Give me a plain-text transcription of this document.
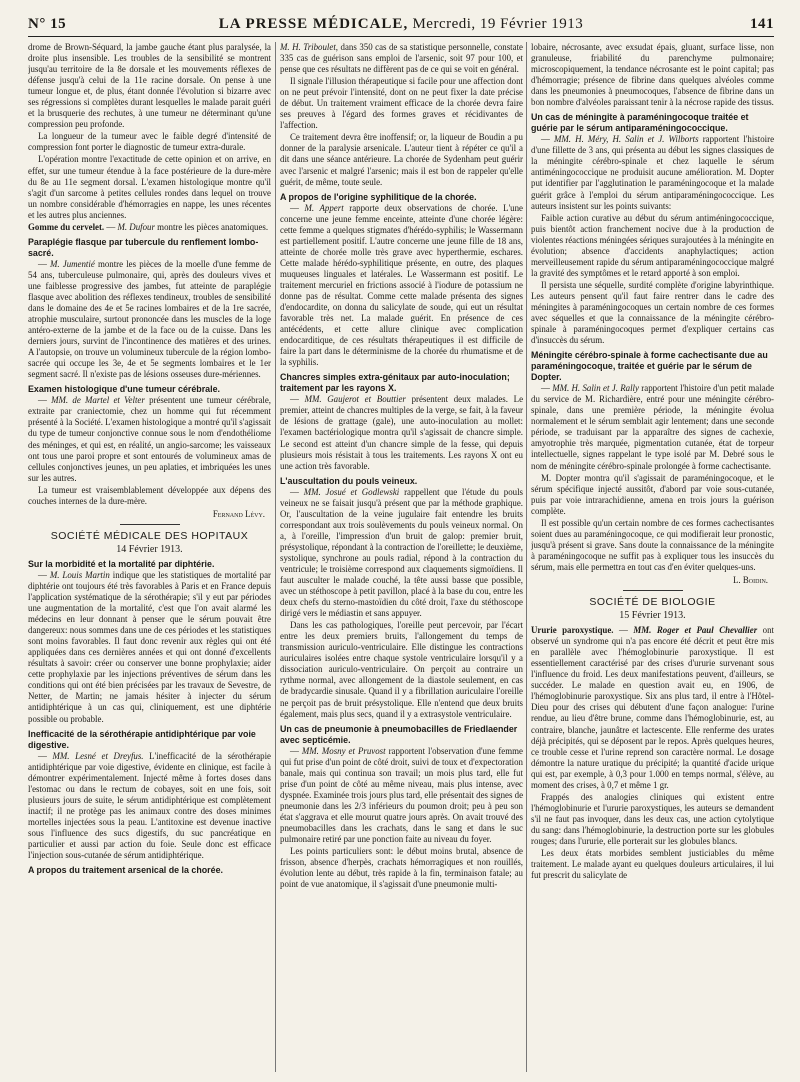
N° 15	LA PRESSE MÉDICALE, Mercredi, 19 Février 1913	141

drome de Brown-Séquard, la jambe gauche étant plus paralysée, la droite plus insensible. Les troubles de la sensibilité se montrent jusqu'au territoire de la 8e dorsale et les mouvements réflexes de défense jusqu'à celui de la 11e racine dorsale. On pense à une tumeur longue et, de plus, étant donnée l'évolution si bizarre avec ses régressions si complètes durant lesquelles le malade parait guéri et la brusquerie des rechutes, à une tumeur ne déterminant qu'une compression peu profonde.

La longueur de la tumeur avec le faible degré d'intensité de compression font porter le diagnostic de tumeur extra-durale.

L'opération montre l'exactitude de cette opinion et on arrive, en effet, sur une tumeur étendue à la face postérieure de la dure-mère du 8e au 11e segment dorsal. L'examen histologique montre qu'il s'agit d'un sarcome à petites cellules rondes dans lequel on trouve un nombre considérable d'hémorragies en nappe, les unes récentes et les autres plus anciennes.

Gomme du cervelet. — M. Dufour montre les pièces anatomiques.

Paraplégie flasque par tubercule du renflement lombo-sacré.

— M. Jumentié montre les pièces de la moelle d'une femme de 54 ans, tuberculeuse pulmonaire, qui, après des douleurs vives et une faiblesse progressive des jambes, fut atteinte de paraplégie flasque avec abolition des réflexes tendineux, troubles de sensibilité dans le domaine des 4e et 5e racines lombaires et de la 1re sacrée, atrophie musculaire, surtout prononcée dans les muscles de la loge antéro-externe de la jambe et de la face ou de la cuisse. Dans les derniers jours, survint de l'incontinence des matières et des urines. A l'autopsie, on trouve un volumineux tubercule de la région lombo-sacrée qui occupe les 3e, 4e et 5e segments lombaires et le 1er segment sacré. Il n'existe pas de lésions osseuses dure-mériennes.

Examen histologique d'une tumeur cérébrale.

— MM. de Martel et Velter présentent une tumeur cérébrale, extraite par craniectomie, chez un homme qui fut récemment présenté à la Société. L'examen histologique a montré qu'il s'agissait du type de tumeur conjonctive connue sous le nom d'endothéliome des méninges, et qui est, en réalité, un angio-sarcome; les vaisseaux ont tous une paroi propre et sont entourés de volumineux amas de cellules conjonctives jeunes, un peu aplaties, et imbriquées les unes sur les autres.

La tumeur est vraisemblablement développée aux dépens des couches internes de la dure-mère.

Fernand Lévy.
SOCIÉTÉ MÉDICALE DES HOPITAUX
14 Février 1913.
Sur la morbidité et la mortalité par diphtérie.

— M. Louis Martin indique que les statistiques de mortalité par diphtérie ont toujours été très favorables à Paris et en France depuis l'application systématique de la sérothérapie; s'il y eut par périodes une augmentation de la mortalité, c'est que l'on avait alarmé les médecins en leur donnant à penser que le sérum pouvait être dangereux: nous sommes dans une de ces périodes et les statistiques sont moins favorables. Il faut donc revenir aux règles qui ont été appliquées dans ces dernières années et qui ont donné d'excellents résultats à savoir: créer ou conserver une bonne prophylaxie; aider cette prophylaxie par les injections préventives de sérum dans les conditions qui ont été bien précisées par les travaux de Sevestre, de Netter, de Martin; ne jamais hésiter à injecter du sérum antidiphtérique à un cas qui, cliniquement, est une diphtérie possible ou probable.

Inefficacité de la sérothérapie antidiphtérique par voie digestive.

— MM. Lesné et Dreyfus. L'inefficacité de la sérothérapie antidiphtérique par voie digestive, évidente en clinique, est facile à démontrer expérimentalement. Injecté même à fortes doses dans l'estomac ou dans le rectum de cobayes, soit en une fois, soit plusieurs jours de suite, le sérum antidiphtérique est complètement inactif; il ne protège pas les animaux contre des doses minimes mortelles injectées sous la peau. L'antitoxine est devenue inactive sous l'influence des sucs digestifs, du suc pancréatique en particulier et aussi par action du foie. Seule donc est efficace l'injection sous-cutanée de sérum antidiphtérique.

A propos du traitement arsenical de la chorée.

M. H. Triboulet, dans 350 cas de sa statistique personnelle, constate 335 cas de guérison sans emploi de l'arsenic, soit 97 pour 100, et pense que ces résultats ne diffèrent pas de ce qui se voit en général.

Il signale l'illusion thérapeutique si facile pour une affection dont on ne peut prévoir l'intensité, dont on ne peut fixer la date précise de début. Un traitement vraiment efficace de la chorée devra faire ses preuves à l'égard des formes graves et récidivantes de l'affection.

Ce traitement devra être inoffensif; or, la liqueur de Boudin a pu donner de la paralysie arsenicale. L'auteur tient à répéter ce qu'il a dit dans une séance antérieure. La chorée de Sydenham peut guérir avec l'arsenic et malgré l'arsenic; mais il est bon de rappeler qu'elle guérit, de même, toute seule.

A propos de l'origine syphilitique de la chorée.

— M. Appert rapporte deux observations de chorée. L'une concerne une jeune femme enceinte, atteinte d'une chorée légère: cette femme a quelques stigmates d'hérédo-syphilis; le Wassermann est partiellement positif. L'autre concerne une jeune fille de 18 ans, atteinte de chorée molle très grave avec hyperthermie, eschares. Cette malade hérédo-syphilitique présente, en outre, des plaques muqueuses linguales et latérales. Le Wassermann est positif. Le traitement mercuriel en frictions associé à l'iodure de potassium ne donne pas de résultat. Comme cette malade présenta des signes d'endocardite, on donna du salicylate de soude, qui eut un résultat favorable très net. La malade guérit. En présence de ces antécédents, et cette allure clinique avec complication endocarditique, de ces résultats thérapeutiques il est difficile de faire la part dans le déterminisme de la chorée du rhumatisme et de la syphilis.

Chancres simples extra-génitaux par auto-inoculation; traitement par les rayons X.

— MM. Gaujerot et Bouttier présentent deux malades. Le premier, atteint de chancres multiples de la verge, se fait, à la faveur de lésions de grattage (gale), une auto-inoculation au mollet: l'examen bactériologique montra qu'il s'agissait de chancre simple. Le second est atteint d'un chancre simple de la fesse, qui depuis plusieurs mois résistait à tous les traitements. Les rayons X ont eu une action très favorable.

L'auscultation du pouls veineux.

— MM. Josué et Godlewski rappellent que l'étude du pouls veineux ne se faisait jusqu'à présent que par la méthode graphique. Or, l'auscultation de la veine jugulaire fait entendre les bruits correspondant aux trois soulèvements du pouls veineux normal. On a, à l'oreille, l'impression d'un bruit de galop: premier bruit, présystolique, répondant à la contraction de l'oreillette; le deuxième, systolique, synchrone au pouls radial, répond à la contraction du ventricule; le troisième correspond aux claquements sigmoïdiens. Il faut ausculter le malade couché, la tête aussi basse que possible, avec un stéthoscope à petit pavillon, placé à la base du cou, entre les deux chefs du sterno-mastoïdien du côté droit, l'axe du stéthoscope dirigé vers le médiastin et sans appuyer.

Dans les cas pathologiques, l'oreille peut percevoir, par l'écart entre les deux premiers bruits, l'allongement du temps de transmission auriculo-ventriculaire. Elle distingue les contractions auriculaires isolées entre chaque systole ventriculaire lorsqu'il y a dissociation auriculo-ventriculaire. On perçoit au contraire un rythme normal, avec allongement de la diastole seulement, en cas de bradycardie sinusale. Quand il y a fibrillation auriculaire l'oreille ne perçoit pas de bruit présystolique. Elle n'entend que deux bruits également, mais plus secs, quand il y a extrasystole ventriculaire.

Un cas de pneumonie à pneumobacilles de Friedlaender avec septicémie.

— MM. Mosny et Pruvost rapportent l'observation d'une femme qui fut prise d'un point de côté droit, suivi de toux et d'expectoration banale, mais qui continua son travail; un mois plus tard, elle fut prise d'un point de côté au même niveau, mais plus intense, avec dyspnée. Examinée trois jours plus tard, elle présentait des signes de pneumonie dans les 2/3 inférieurs du poumon droit; peu à peu son état s'aggrava et elle mourut quatre jours après. On avait trouvé des pneumobacilles dans les crachats, dans le sang et dans le suc pulmonaire retiré par une ponction faite au niveau du foyer.

Les points particuliers sont: le début moins brutal, absence de frisson, absence d'herpès, crachats hémorragiques et non rouillés, évolution lente au début, très rapide à la fin, terminaison fatale; au point de vue anatomique, il s'agissait d'une pneumonie multi-

lobaire, nécrosante, avec exsudat épais, gluant, surface lisse, non granuleuse, friabilité du parenchyme pulmonaire; microscopiquement, la tendance nécrosante est le point capital; pas d'hémorragie; présence de fibrine dans quelques alvéoles comme dans les pneumonies à pneumocoques, l'absence de fibrine dans un bon nombre d'alvéoles paraissant tenir à la nécrose rapide des tissus.

Un cas de méningite à paraméningocoque traitée et guérie par le sérum antiparaméningococcique.

— MM. H. Méry, H. Salin et J. Wilborts rapportent l'histoire d'une fillette de 3 ans, qui présenta au début les signes classiques de la méningite cérébro-spinale et chez laquelle le sérum antiméningococcique ne produisit aucune amélioration. M. Dopter put identifier par l'agglutination le paraméningocoque et la malade guérit grâce à l'emploi du sérum antiparaméningococcique. Les auteurs insistent sur les points suivants:

Faible action curative au début du sérum antiméningococcique, puis bientôt action franchement nocive due à la production de violentes réactions méningées sériques surajoutées à la méningite en évolution; absence d'accidents anaphylactiques; action merveilleusement rapide du sérum antiparaméningococcique malgré la gravité des symptômes et le retard apporté à son emploi.

Il persista une séquelle, surdité complète d'origine labyrinthique. Les auteurs pensent qu'il faut faire rentrer dans le cadre des méningites à paraméningocoques un certain nombre de ces formes avec séquelles et que la connaissance de la méningite cérébro-spinale à paraméningocoques permet d'expliquer certains cas d'insuccès du sérum.

Méningite cérébro-spinale à forme cachectisante due au paraméningocoque, traitée et guérie par le sérum de Dopter.

— MM. H. Salin et J. Rally rapportent l'histoire d'un petit malade du service de M. Richardière, entré pour une méningite cérébro-spinale, dans une première période, la méningite évolua normalement et le sérum semblait agir lentement; dans une seconde période, se traduisant par la apparaître des signes de cachexie, amyotrophie très marquée, pigmentation cutanée, état de torpeur intellectuelle, signes rappelant le type isolé par M. Debré sous le nom de méningite cérébro-spinale prolongée à forme cachectisante.

M. Dopter montra qu'il s'agissait de paraméningocoque, et le sérum spécifique injecté aussitôt, d'abord par voie sous-cutanée, puis par voie intrarachidienne, amena en trois jours la guérison complète.

Il est possible qu'un certain nombre de ces formes cachectisantes soient dues au paraméningocoque, ce qui modifierait leur pronostic, jusqu'à présent si grave. Sans doute la connaissance de la méningite à paraméningocoque ne suffit pas à expliquer tous les insuccès du sérum, mais elle permettra en tout cas d'en éviter quelques-uns.

L. Boidin.
SOCIÉTÉ DE BIOLOGIE
15 Février 1913.

Ururie paroxystique. — MM. Roger et Paul Chevallier ont observé un syndrome qui n'a pas encore été décrit et peut être mis en parallèle avec l'hémoglobinurie paroxystique. Il est essentiellement caractérisé par des crises d'ururie survenant sous l'influence du froid. Les deux manifestations peuvent, d'ailleurs, se succéder. Le malade en question avait eu, en 1906, de l'hémoglobinurie paroxystique. Six ans plus tard, il entre à l'Hôtel-Dieu pour des crises qui débutent d'une façon analogue: l'urine rendue, au lieu d'être brune, comme dans l'hémoglobinurie, est, au contraire, blanche, jaunâtre et lactescente. Elle renferme des urates déjà précipités, qui se déposent par le repos. Après quelques heures, ce trouble cesse et l'urine reprend son caractère normal. Le dosage démontre la nature uratique du précipité; la quantité d'acide urique qui est, par exemple, à 0,3 pour 1.000 en temps normal, s'élève, au moment des crises, à 0,7 et même 1 gr.

Frappés des analogies cliniques qui existent entre l'hémoglobinurie et l'ururie paroxystiques, les auteurs se demandent s'il ne faut pas invoquer, dans les deux cas, une action cytolytique du sang: dans l'hémoglobinurie, la destruction porte sur les globules rouges; dans l'ururie, elle porterait sur les globules blancs.

Les deux états morbides semblent justiciables du même traitement. Le malade ayant eu quelques douleurs articulaires, il lui fut prescrit du salicylate de
